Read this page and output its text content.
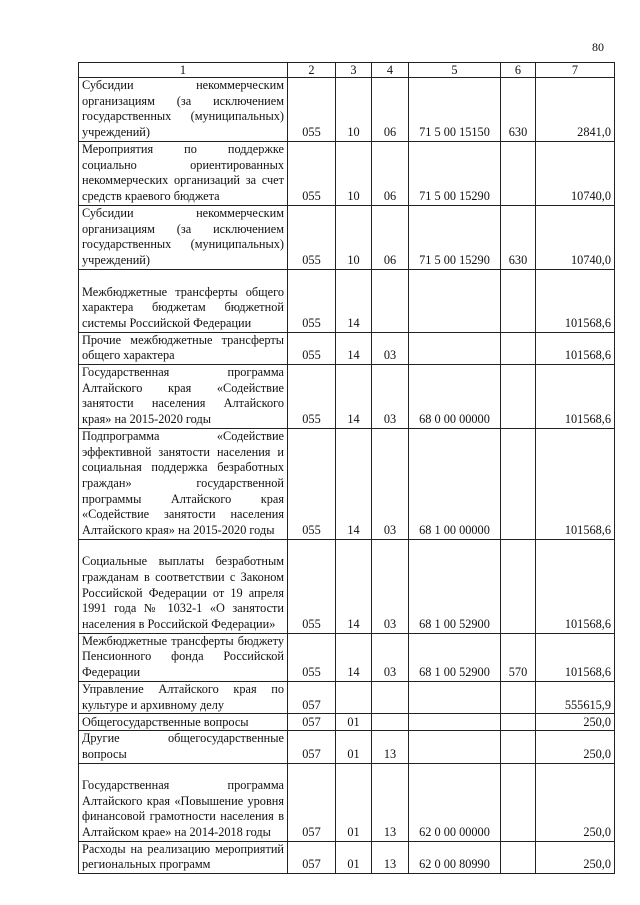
80
1	2	3	4	5	6	7
Субсидии некоммерческим организациям (за исключением государственных (муниципальных) учреждений)	055	10	06	71 5 00 15150	630	2841,0
Мероприятия по поддержке социально ориентированных некоммерческих организаций за счет средств краевого бюджета	055	10	06	71 5 00 15290		10740,0
Субсидии некоммерческим организациям (за исключением государственных (муниципальных) учреждений)	055	10	06	71 5 00 15290	630	10740,0
Межбюджетные трансферты общего характера бюджетам бюджетной системы Российской Федерации	055	14				101568,6
Прочие межбюджетные трансферты общего характера	055	14	03			101568,6
Государственная программа Алтайского края «Содействие занятости населения Алтайского края» на 2015-2020 годы	055	14	03	68 0 00 00000		101568,6
Подпрограмма «Содействие эффективной занятости населения и социальная поддержка безработных граждан» государственной программы Алтайского края «Содействие занятости населения Алтайского края» на 2015-2020 годы	055	14	03	68 1 00 00000		101568,6
Социальные выплаты безработным гражданам в соответствии с Законом Российской Федерации от 19 апреля 1991 года № 1032-1 «О занятости населения в Российской Федерации»	055	14	03	68 1 00 52900		101568,6
Межбюджетные трансферты бюджету Пенсионного фонда Российской Федерации	055	14	03	68 1 00 52900	570	101568,6
Управление Алтайского края по культуре и архивному делу	057					555615,9
Общегосударственные вопросы	057	01				250,0
Другие общегосударственные вопросы	057	01	13			250,0
Государственная программа Алтайского края «Повышение уровня финансовой грамотности населения в Алтайском крае» на 2014-2018 годы	057	01	13	62 0 00 00000		250,0
Расходы на реализацию мероприятий региональных программ	057	01	13	62 0 00 80990		250,0
